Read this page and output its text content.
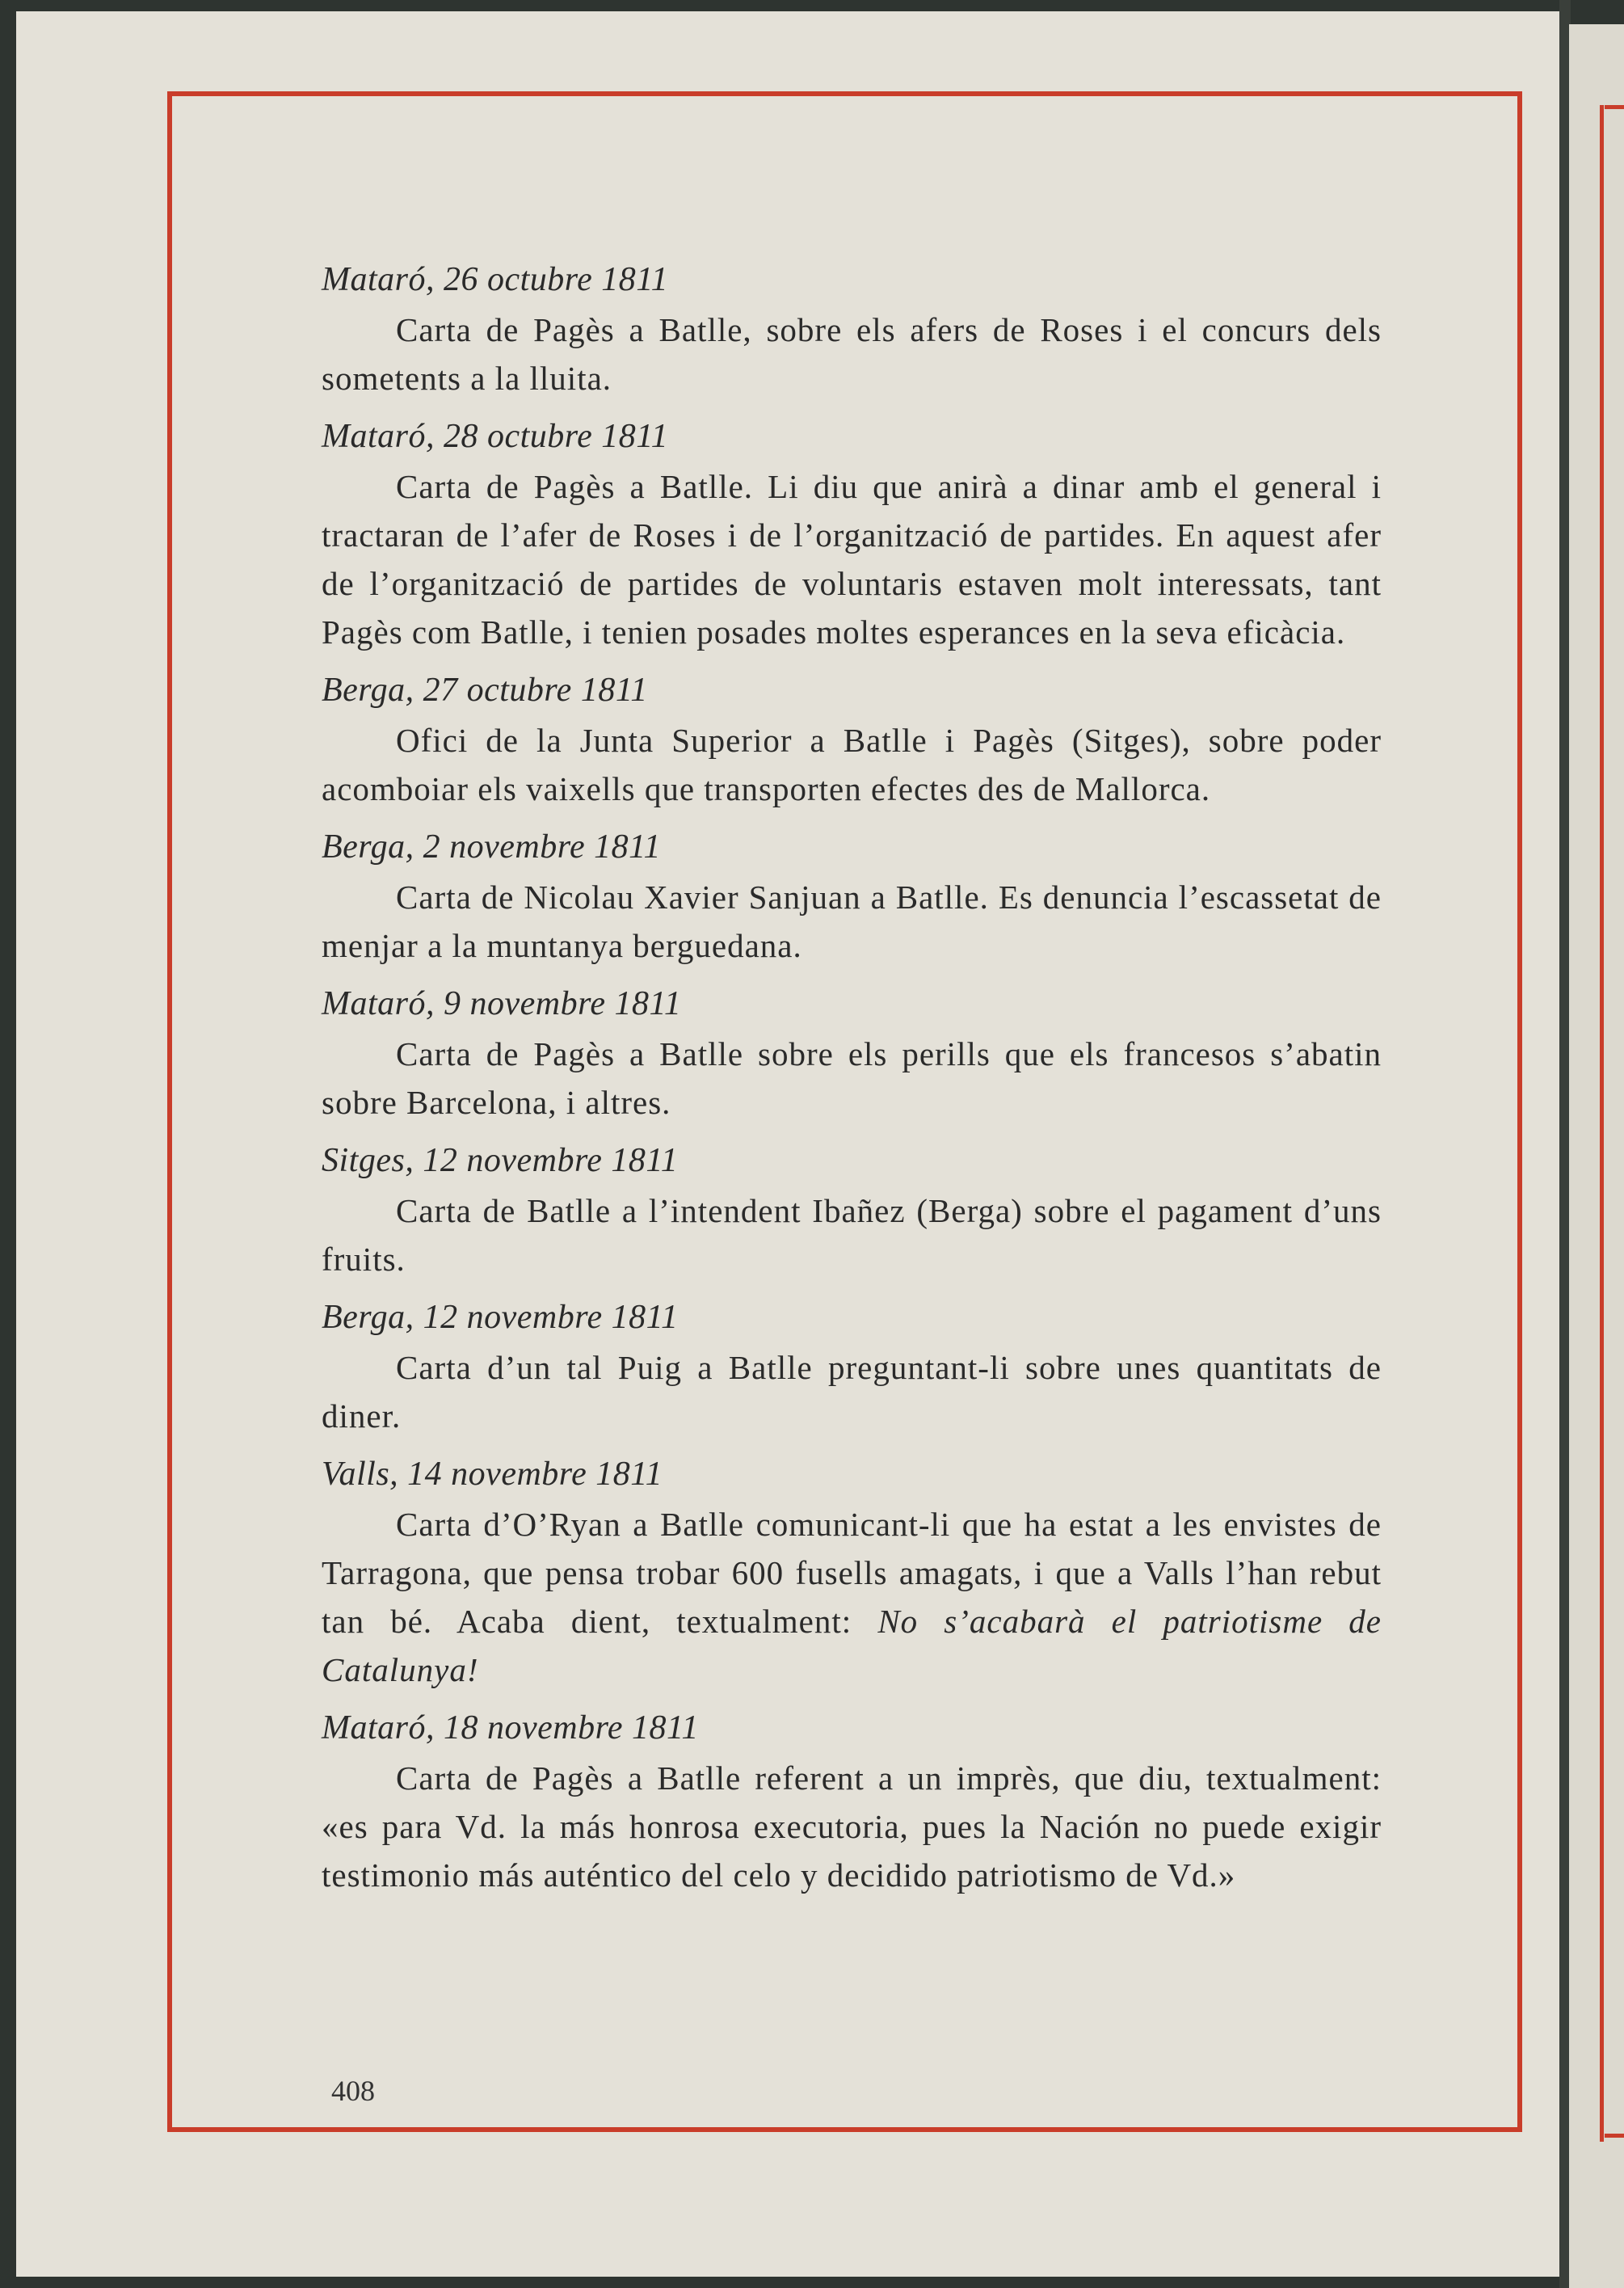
Mataró, 26 octubre 1811

Carta de Pagès a Batlle, sobre els afers de Roses i el concurs dels sometents a la lluita.

Mataró, 28 octubre 1811

Carta de Pagès a Batlle. Li diu que anirà a dinar amb el general i tractaran de l’afer de Roses i de l’organització de partides. En aquest afer de l’organització de partides de voluntaris estaven molt interessats, tant Pagès com Batlle, i tenien posades moltes esperances en la seva eficàcia.

Berga, 27 octubre 1811

Ofici de la Junta Superior a Batlle i Pagès (Sitges), sobre poder acomboiar els vaixells que transporten efectes des de Mallorca.

Berga, 2 novembre 1811

Carta de Nicolau Xavier Sanjuan a Batlle. Es denuncia l’escassetat de menjar a la muntanya berguedana.

Mataró, 9 novembre 1811

Carta de Pagès a Batlle sobre els perills que els francesos s’abatin sobre Barcelona, i altres.

Sitges, 12 novembre 1811

Carta de Batlle a l’intendent Ibañez (Berga) sobre el pagament d’uns fruits.

Berga, 12 novembre 1811

Carta d’un tal Puig a Batlle preguntant-li sobre unes quantitats de diner.

Valls, 14 novembre 1811

Carta d’O’Ryan a Batlle comunicant-li que ha estat a les envistes de Tarragona, que pensa trobar 600 fusells amagats, i que a Valls l’han rebut tan bé. Acaba dient, textualment: No s’acabarà el patriotisme de Catalunya!

Mataró, 18 novembre 1811

Carta de Pagès a Batlle referent a un imprès, que diu, textualment: «es para Vd. la más honrosa executoria, pues la Nación no puede exigir testimonio más auténtico del celo y decidido patriotismo de Vd.»

408
